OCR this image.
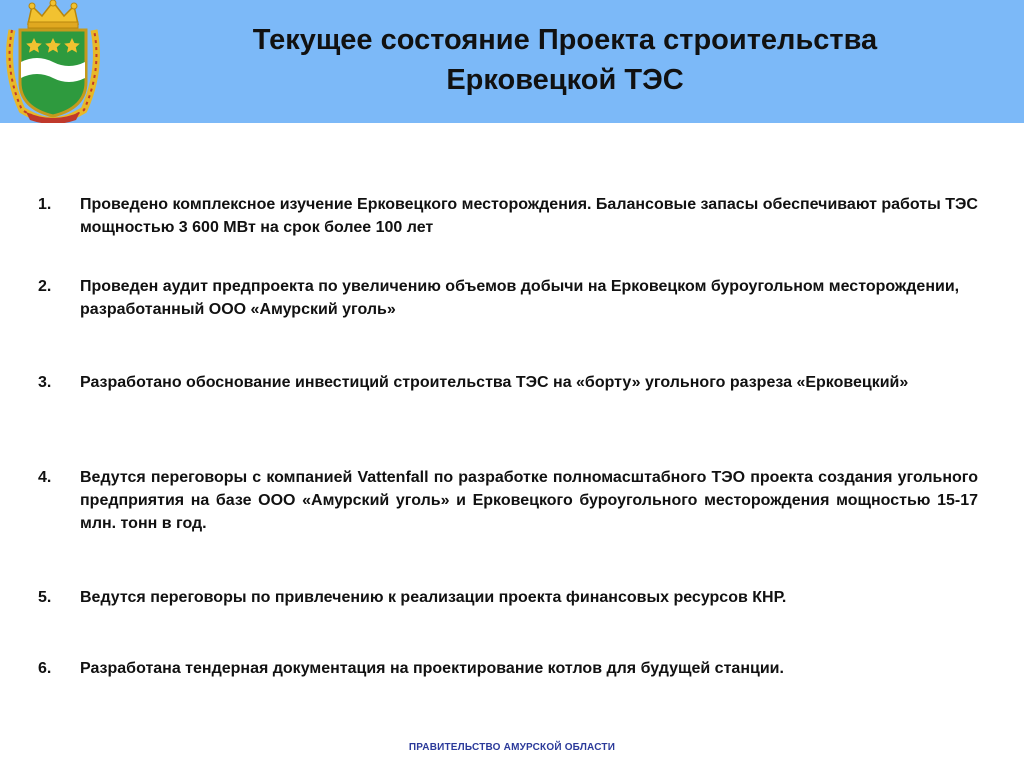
Текущее состояние Проекта строительства
Ерковецкой ТЭС
1.	Проведено комплексное изучение Ерковецкого месторождения. Балансовые запасы обеспечивают работы ТЭС мощностью 3 600 МВт на срок более 100 лет
2.	Проведен аудит предпроекта по увеличению объемов добычи на Ерковецком буроугольном месторождении, разработанный ООО «Амурский уголь»
3.	Разработано обоснование инвестиций строительства ТЭС на «борту» угольного разреза «Ерковецкий»
4.	Ведутся переговоры с компанией Vattenfall по разработке полномасштабного ТЭО проекта создания угольного предприятия на базе ООО «Амурский уголь» и Ерковецкого буроугольного месторождения мощностью 15-17 млн. тонн в год.
5.	Ведутся переговоры по привлечению к реализации проекта финансовых ресурсов КНР.
6.	Разработана тендерная документация на проектирование котлов для будущей станции.
ПРАВИТЕЛЬСТВО АМУРСКОЙ ОБЛАСТИ
